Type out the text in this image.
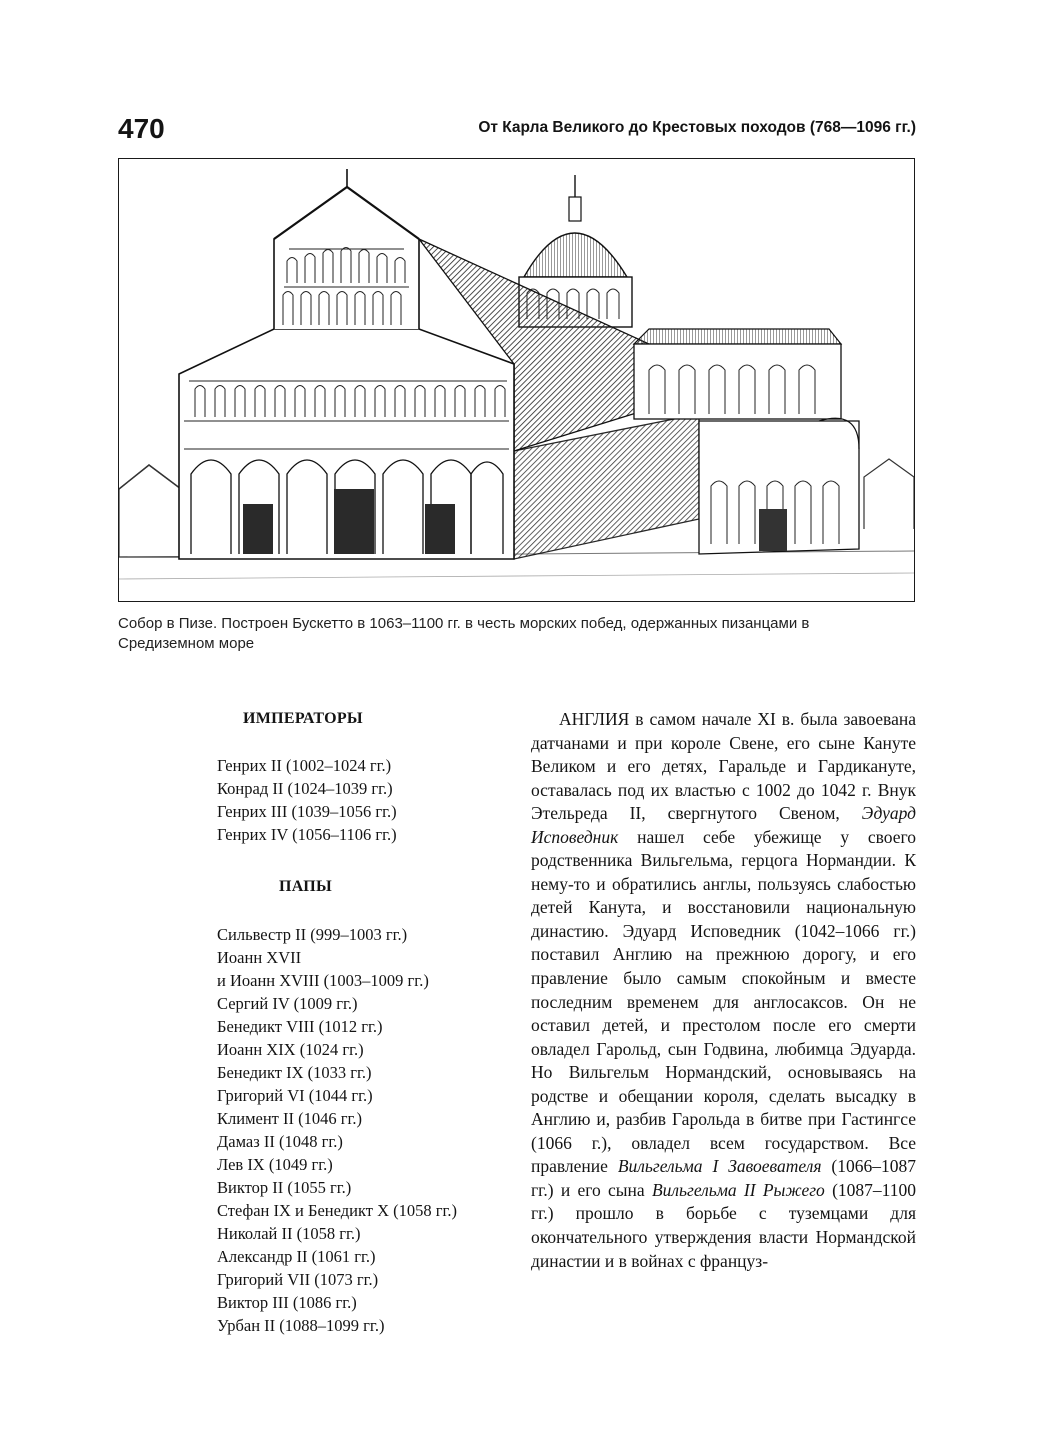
470	От Карла Великого до Крестовых походов (768—1096 гг.)
Собор в Пизе. Построен Бускетто в 1063–1100 гг. в честь морских побед, одержанных пизанцами в Средиземном море
ИМПЕРАТОРЫ
Генрих II (1002–1024 гг.)
Конрад II (1024–1039 гг.)
Генрих III (1039–1056 гг.)
Генрих IV (1056–1106 гг.)
ПАПЫ
Сильвестр II (999–1003 гг.)
Иоанн XVII
и Иоанн XVIII (1003–1009 гг.)
Сергий IV (1009 гг.)
Бенедикт VIII (1012 гг.)
Иоанн XIX (1024 гг.)
Бенедикт IX (1033 гг.)
Григорий VI (1044 гг.)
Климент II (1046 гг.)
Дамаз II (1048 гг.)
Лев IX (1049 гг.)
Виктор II (1055 гг.)
Стефан IX и Бенедикт X (1058 гг.)
Николай II (1058 гг.)
Александр II (1061 гг.)
Григорий VII (1073 гг.)
Виктор III (1086 гг.)
Урбан II (1088–1099 гг.)

АНГЛИЯ в самом начале XI в. была завоевана датчанами и при короле Свене, его сыне Кануте Великом и его детях, Гаральде и Гардикануте, оставалась под их властью с 1002 до 1042 г. Внук Этельреда II, свергнутого Свеном, Эдуард Исповедник нашел себе убежище у своего родственника Вильгельма, герцога Нормандии. К нему-то и обратились англы, пользуясь слабостью детей Канута, и восстановили национальную династию. Эдуард Исповедник (1042–1066 гг.) поставил Англию на прежнюю дорогу, и его правление было самым спокойным и вместе последним временем для англосаксов. Он не оставил детей, и престолом после его смерти овладел Гарольд, сын Годвина, любимца Эдуарда. Но Вильгельм Нормандский, основываясь на родстве и обещании короля, сделать высадку в Англию и, разбив Гарольда в битве при Гастингсе (1066 г.), овладел всем государством. Все правление Вильгельма I Завоевателя (1066–1087 гг.) и его сына Вильгельма II Рыжего (1087–1100 гг.) прошло в борьбе с туземцами для окончательного утверждения власти Нормандской династии и в войнах с француз-
